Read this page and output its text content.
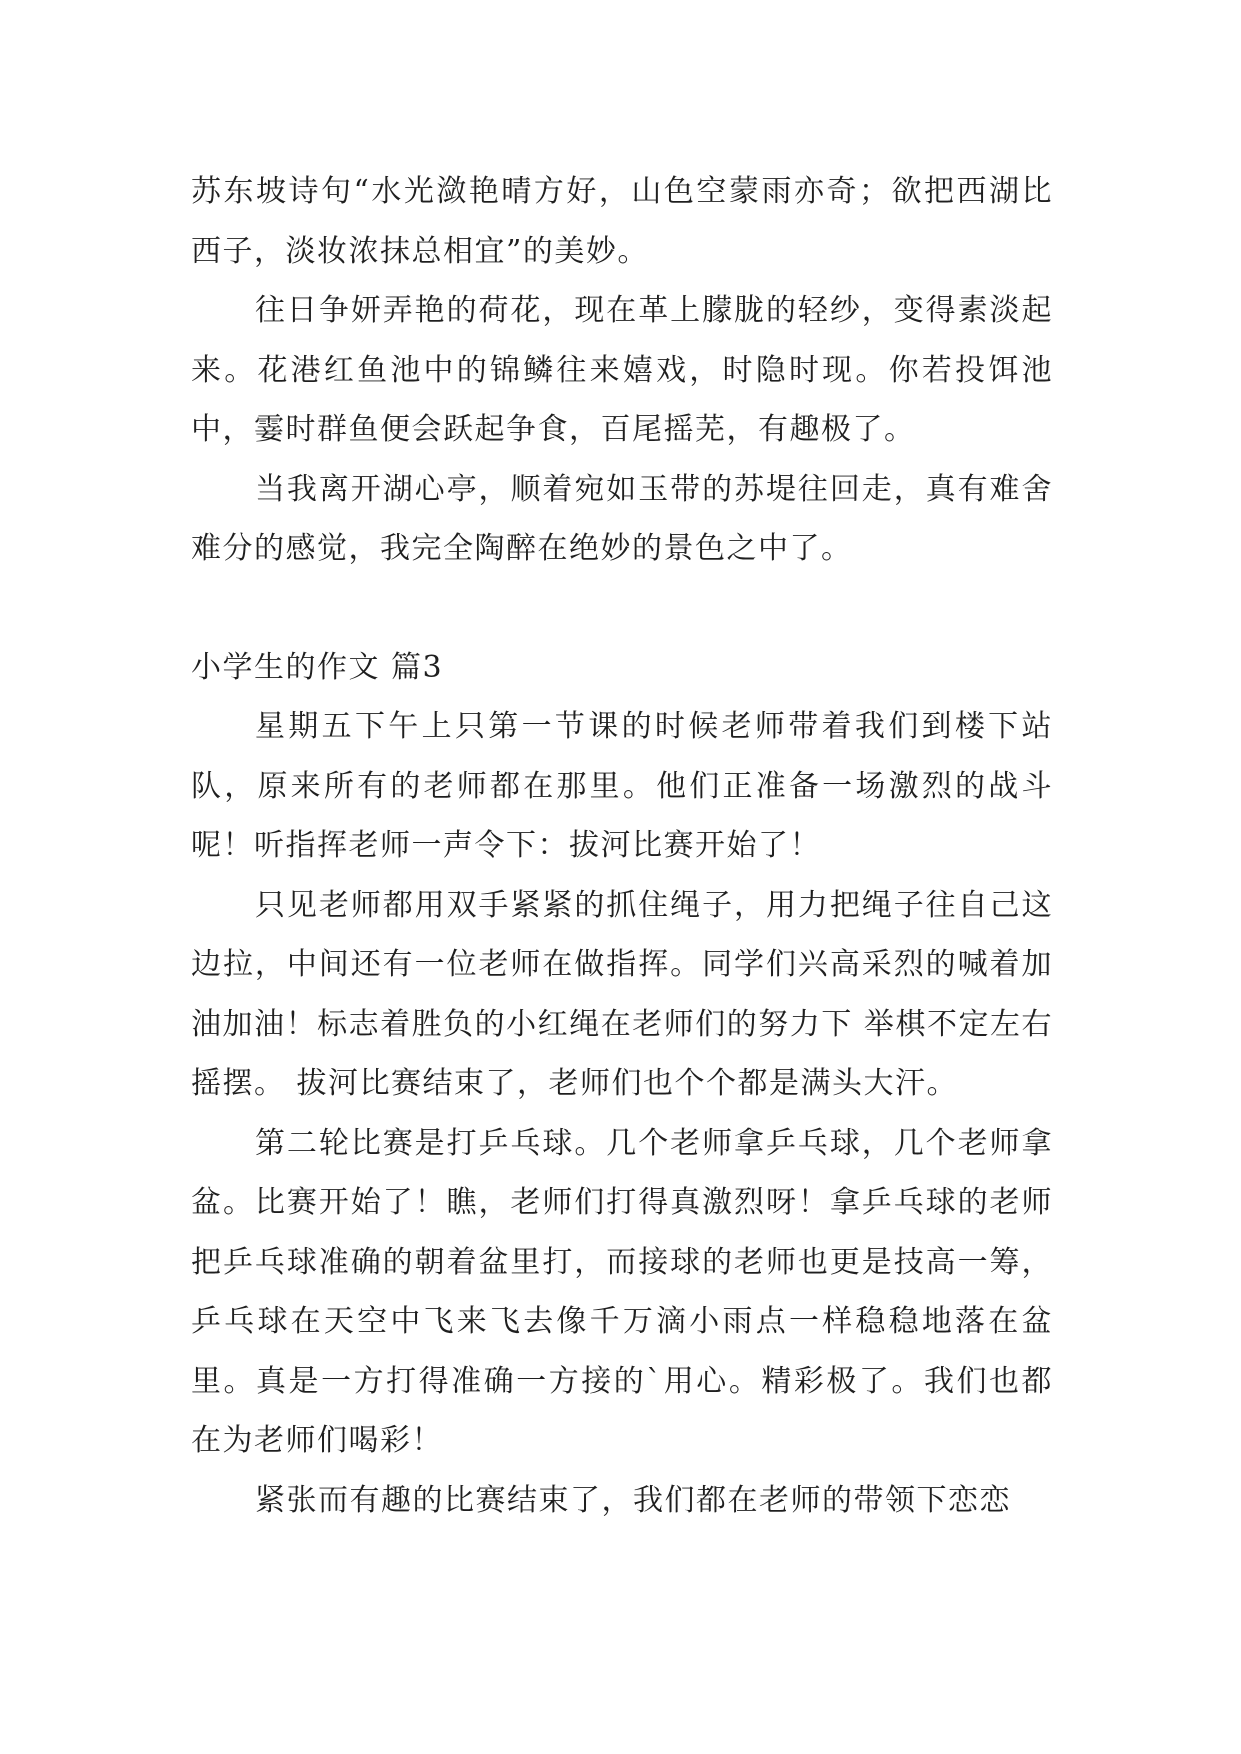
苏东坡诗句“水光潋艳晴方好，山色空蒙雨亦奇；欲把西湖比西子，淡妆浓抹总相宜”的美妙。

往日争妍弄艳的荷花，现在革上朦胧的轻纱，变得素淡起来。花港红鱼池中的锦鳞往来嬉戏，时隐时现。你若投饵池中，霎时群鱼便会跃起争食，百尾摇芜，有趣极了。

当我离开湖心亭，顺着宛如玉带的苏堤往回走，真有难舍难分的感觉，我完全陶醉在绝妙的景色之中了。

小学生的作文 篇3

星期五下午上只第一节课的时候老师带着我们到楼下站队，原来所有的老师都在那里。他们正准备一场激烈的战斗呢！听指挥老师一声令下：拔河比赛开始了！

只见老师都用双手紧紧的抓住绳子，用力把绳子往自己这边拉，中间还有一位老师在做指挥。同学们兴高采烈的喊着加油加油！标志着胜负的小红绳在老师们的努力下 举棋不定左右摇摆。 拔河比赛结束了，老师们也个个都是满头大汗。

第二轮比赛是打乒乓球。几个老师拿乒乓球，几个老师拿盆。比赛开始了！瞧，老师们打得真激烈呀！拿乒乓球的老师把乒乓球准确的朝着盆里打，而接球的老师也更是技高一筹，乒乓球在天空中飞来飞去像千万滴小雨点一样稳稳地落在盆里。真是一方打得准确一方接的`用心。精彩极了。我们也都在为老师们喝彩！

紧张而有趣的比赛结束了，我们都在老师的带领下恋恋
